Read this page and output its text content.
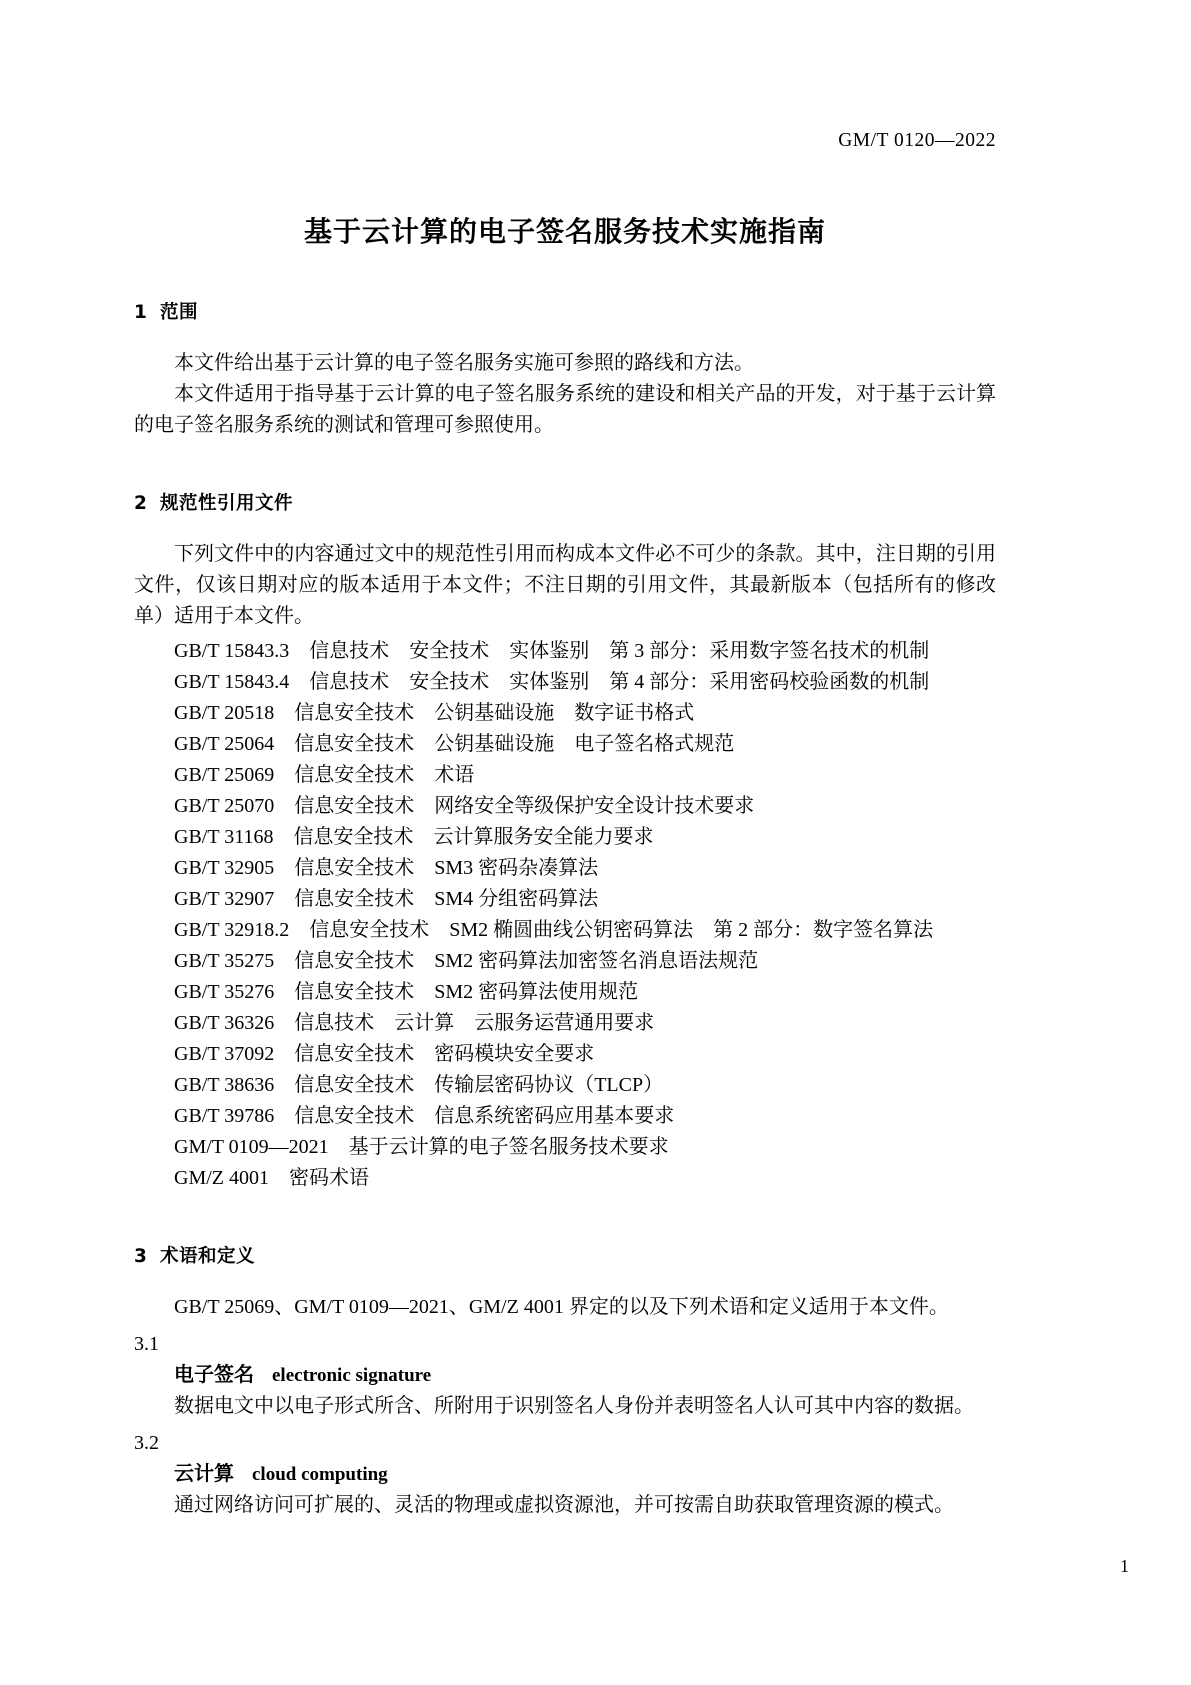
GM/T 0120—2022
基于云计算的电子签名服务技术实施指南
1 范围

本文件给出基于云计算的电子签名服务实施可参照的路线和方法。

本文件适用于指导基于云计算的电子签名服务系统的建设和相关产品的开发，对于基于云计算的电子签名服务系统的测试和管理可参照使用。

2 规范性引用文件

下列文件中的内容通过文中的规范性引用而构成本文件必不可少的条款。其中，注日期的引用文件，仅该日期对应的版本适用于本文件；不注日期的引用文件，其最新版本（包括所有的修改单）适用于本文件。

GB/T 15843.3　信息技术　安全技术　实体鉴别　第 3 部分：采用数字签名技术的机制
GB/T 15843.4　信息技术　安全技术　实体鉴别　第 4 部分：采用密码校验函数的机制
GB/T 20518　信息安全技术　公钥基础设施　数字证书格式
GB/T 25064　信息安全技术　公钥基础设施　电子签名格式规范
GB/T 25069　信息安全技术　术语
GB/T 25070　信息安全技术　网络安全等级保护安全设计技术要求
GB/T 31168　信息安全技术　云计算服务安全能力要求
GB/T 32905　信息安全技术　SM3 密码杂凑算法
GB/T 32907　信息安全技术　SM4 分组密码算法
GB/T 32918.2　信息安全技术　SM2 椭圆曲线公钥密码算法　第 2 部分：数字签名算法
GB/T 35275　信息安全技术　SM2 密码算法加密签名消息语法规范
GB/T 35276　信息安全技术　SM2 密码算法使用规范
GB/T 36326　信息技术　云计算　云服务运营通用要求
GB/T 37092　信息安全技术　密码模块安全要求
GB/T 38636　信息安全技术　传输层密码协议（TLCP）
GB/T 39786　信息安全技术　信息系统密码应用基本要求
GM/T 0109—2021　基于云计算的电子签名服务技术要求
GM/Z 4001　密码术语
3 术语和定义

GB/T 25069、GM/T 0109—2021、GM/Z 4001 界定的以及下列术语和定义适用于本文件。

3.1
电子签名 electronic signature
数据电文中以电子形式所含、所附用于识别签名人身份并表明签名人认可其中内容的数据。
3.2
云计算 cloud computing
通过网络访问可扩展的、灵活的物理或虚拟资源池，并可按需自助获取管理资源的模式。
1
